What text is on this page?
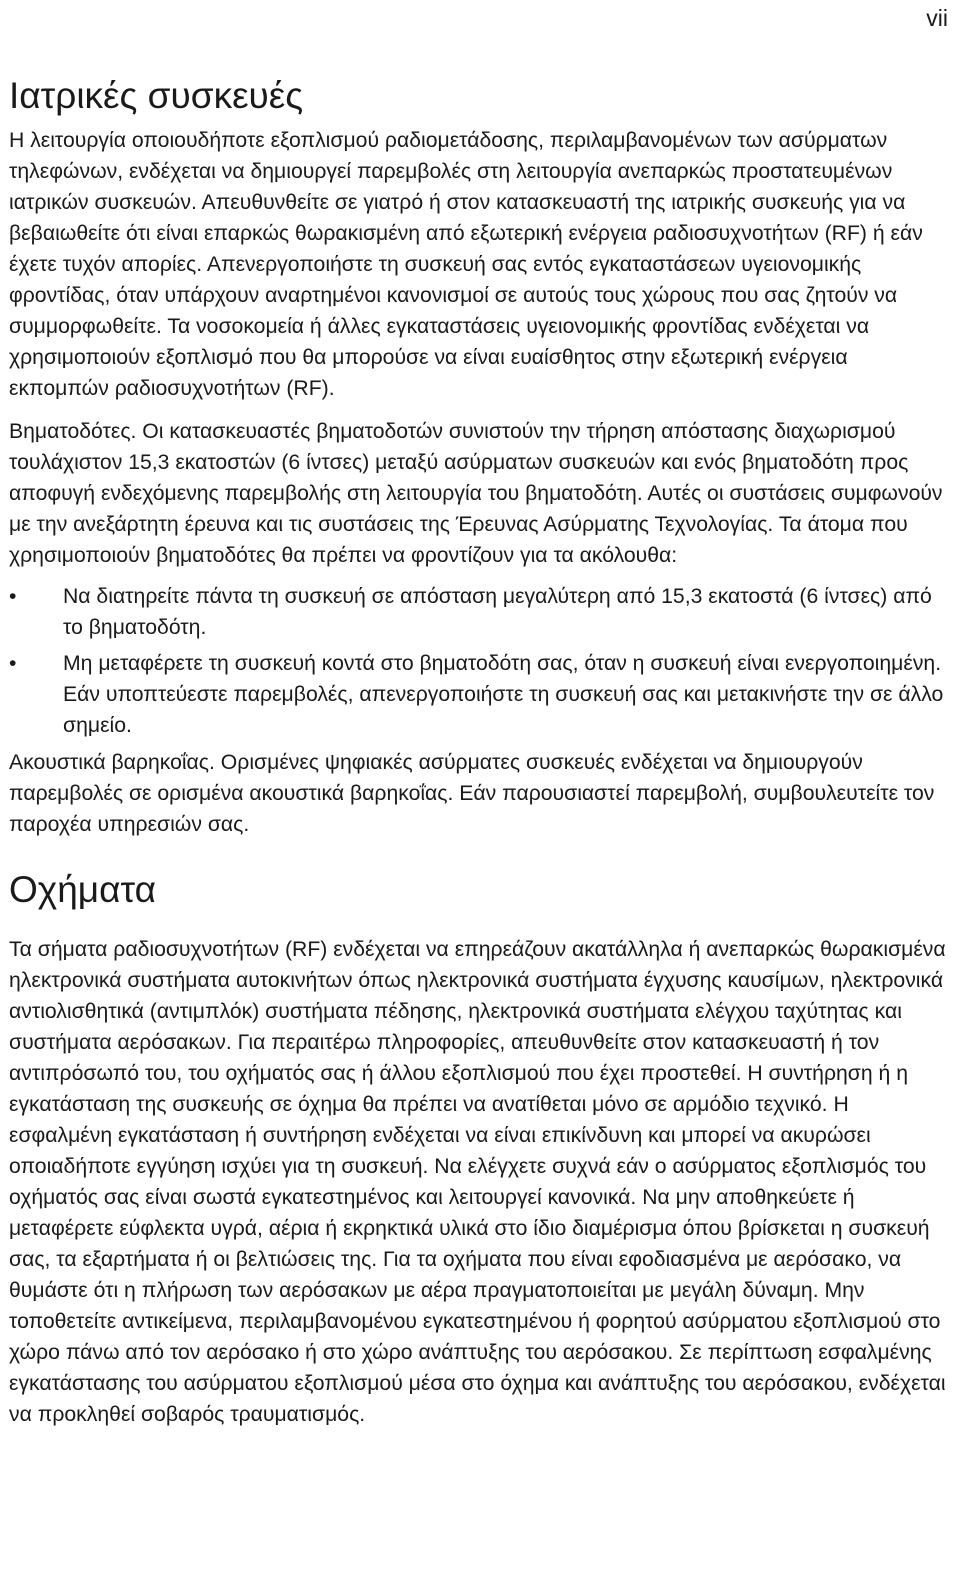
vii
Ιατρικές συσκευές

Η λειτουργία οποιουδήποτε εξοπλισμού ραδιομετάδοσης, περιλαμβανομένων των ασύρματων τηλεφώνων, ενδέχεται να δημιουργεί παρεμβολές στη λειτουργία ανεπαρκώς προστατευμένων ιατρικών συσκευών. Απευθυνθείτε σε γιατρό ή στον κατασκευαστή της ιατρικής συσκευής για να βεβαιωθείτε ότι είναι επαρκώς θωρακισμένη από εξωτερική ενέργεια ραδιοσυχνοτήτων (RF) ή εάν έχετε τυχόν απορίες. Απενεργοποιήστε τη συσκευή σας εντός εγκαταστάσεων υγειονομικής φροντίδας, όταν υπάρχουν αναρτημένοι κανονισμοί σε αυτούς τους χώρους που σας ζητούν να συμμορφωθείτε. Τα νοσοκομεία ή άλλες εγκαταστάσεις υγειονομικής φροντίδας ενδέχεται να χρησιμοποιούν εξοπλισμό που θα μπορούσε να είναι ευαίσθητος στην εξωτερική ενέργεια εκπομπών ραδιοσυχνοτήτων (RF).

Βηματοδότες. Οι κατασκευαστές βηματοδοτών συνιστούν την τήρηση απόστασης διαχωρισμού τουλάχιστον 15,3 εκατοστών (6 ίντσες) μεταξύ ασύρματων συσκευών και ενός βηματοδότη προς αποφυγή ενδεχόμενης παρεμβολής στη λειτουργία του βηματοδότη. Αυτές οι συστάσεις συμφωνούν με την ανεξάρτητη έρευνα και τις συστάσεις της Έρευνας Ασύρματης Τεχνολογίας. Τα άτομα που χρησιμοποιούν βηματοδότες θα πρέπει να φροντίζουν για τα ακόλουθα:

• Να διατηρείτε πάντα τη συσκευή σε απόσταση μεγαλύτερη από 15,3 εκατοστά (6 ίντσες) από το βηματοδότη.
• Μη μεταφέρετε τη συσκευή κοντά στο βηματοδότη σας, όταν η συσκευή είναι ενεργοποιημένη. Εάν υποπτεύεστε παρεμβολές, απενεργοποιήστε τη συσκευή σας και μετακινήστε την σε άλλο σημείο.

Ακουστικά βαρηκοΐας. Ορισμένες ψηφιακές ασύρματες συσκευές ενδέχεται να δημιουργούν παρεμβολές σε ορισμένα ακουστικά βαρηκοΐας. Εάν παρουσιαστεί παρεμβολή, συμβουλευτείτε τον παροχέα υπηρεσιών σας.

Οχήματα

Τα σήματα ραδιοσυχνοτήτων (RF) ενδέχεται να επηρεάζουν ακατάλληλα ή ανεπαρκώς θωρακισμένα ηλεκτρονικά συστήματα αυτοκινήτων όπως ηλεκτρονικά συστήματα έγχυσης καυσίμων, ηλεκτρονικά αντιολισθητικά (αντιμπλόκ) συστήματα πέδησης, ηλεκτρονικά συστήματα ελέγχου ταχύτητας και συστήματα αερόσακων. Για περαιτέρω πληροφορίες, απευθυνθείτε στον κατασκευαστή ή τον αντιπρόσωπό του, του οχήματός σας ή άλλου εξοπλισμού που έχει προστεθεί. Η συντήρηση ή η εγκατάσταση της συσκευής σε όχημα θα πρέπει να ανατίθεται μόνο σε αρμόδιο τεχνικό. Η εσφαλμένη εγκατάσταση ή συντήρηση ενδέχεται να είναι επικίνδυνη και μπορεί να ακυρώσει οποιαδήποτε εγγύηση ισχύει για τη συσκευή. Να ελέγχετε συχνά εάν ο ασύρματος εξοπλισμός του οχήματός σας είναι σωστά εγκατεστημένος και λειτουργεί κανονικά. Να μην αποθηκεύετε ή μεταφέρετε εύφλεκτα υγρά, αέρια ή εκρηκτικά υλικά στο ίδιο διαμέρισμα όπου βρίσκεται η συσκευή σας, τα εξαρτήματα ή οι βελτιώσεις της. Για τα οχήματα που είναι εφοδιασμένα με αερόσακο, να θυμάστε ότι η πλήρωση των αερόσακων με αέρα πραγματοποιείται με μεγάλη δύναμη. Μην τοποθετείτε αντικείμενα, περιλαμβανομένου εγκατεστημένου ή φορητού ασύρματου εξοπλισμού στο χώρο πάνω από τον αερόσακο ή στο χώρο ανάπτυξης του αερόσακου. Σε περίπτωση εσφαλμένης εγκατάστασης του ασύρματου εξοπλισμού μέσα στο όχημα και ανάπτυξης του αερόσακου, ενδέχεται να προκληθεί σοβαρός τραυματισμός.
